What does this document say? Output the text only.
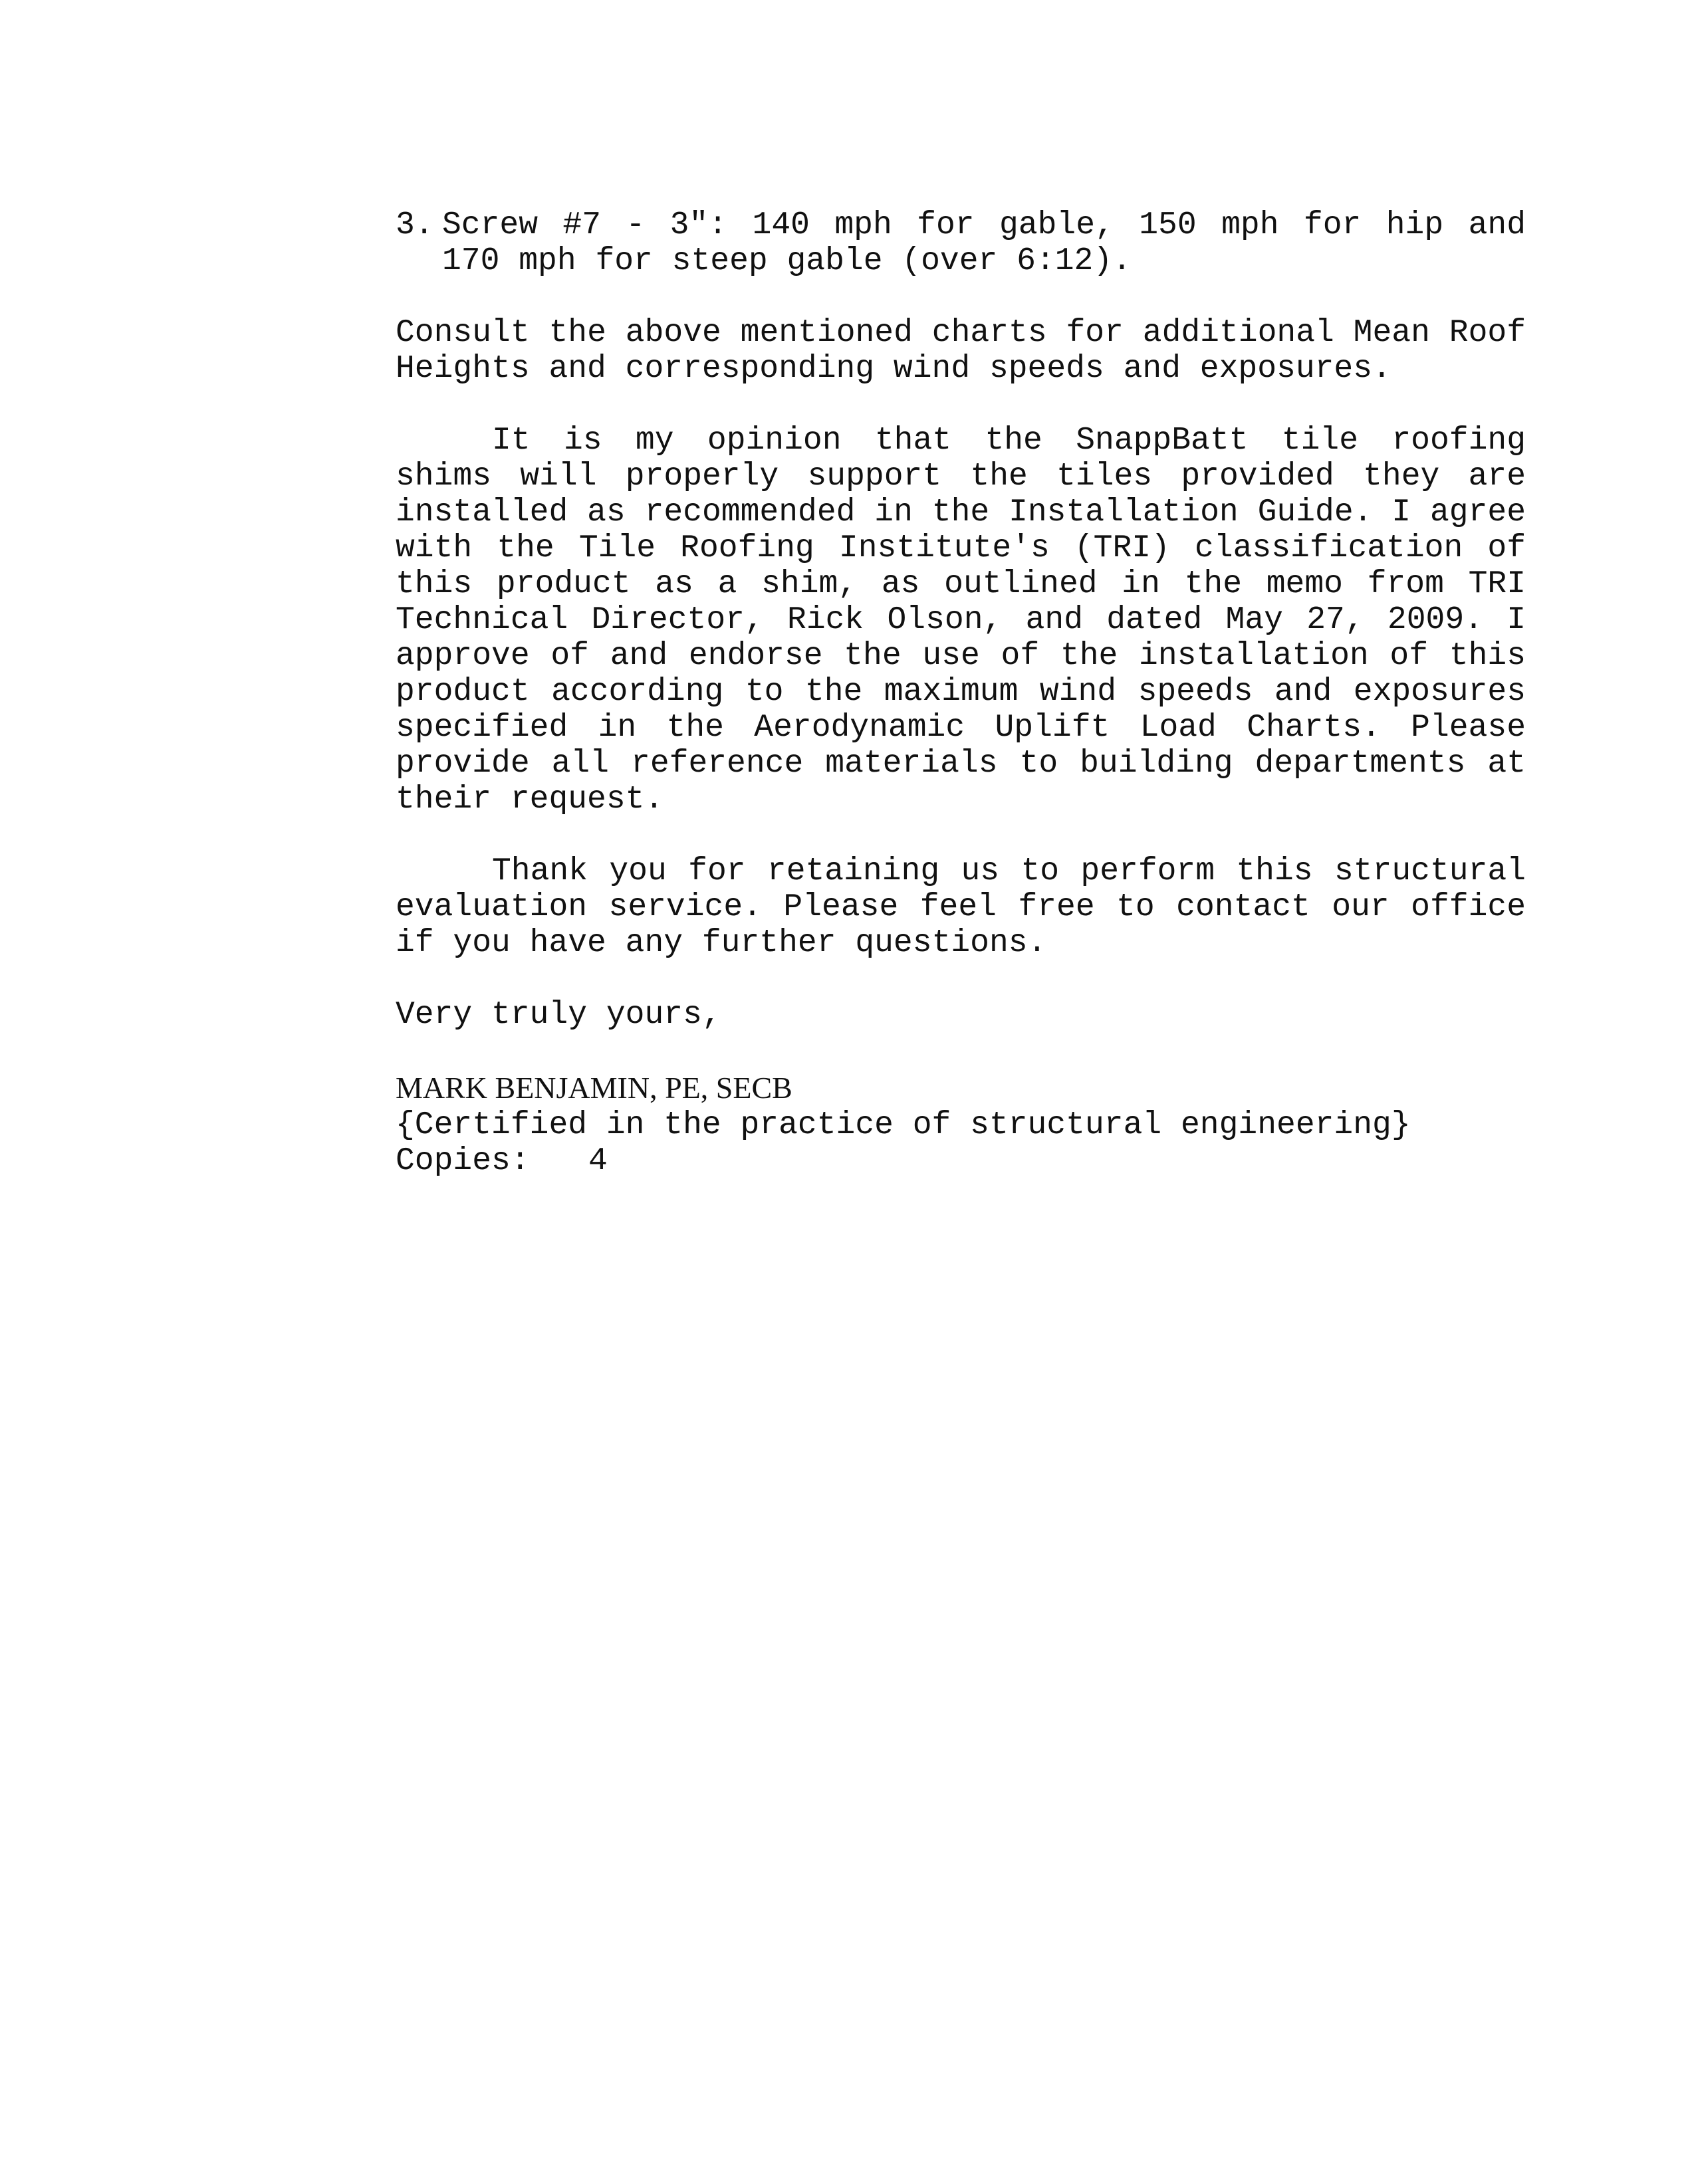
3. Screw #7 - 3": 140 mph for gable, 150 mph for hip and 170 mph for steep gable (over 6:12).

Consult the above mentioned charts for additional Mean Roof Heights and corresponding wind speeds and exposures.

It is my opinion that the SnappBatt tile roofing shims will properly support the tiles provided they are installed as recommended in the Installation Guide. I agree with the Tile Roofing Institute's (TRI) classification of this product as a shim, as outlined in the memo from TRI Technical Director, Rick Olson, and dated May 27, 2009. I approve of and endorse the use of the installation of this product according to the maximum wind speeds and exposures specified in the Aerodynamic Uplift Load Charts. Please provide all reference materials to building departments at their request.

Thank you for retaining us to perform this structural evaluation service. Please feel free to contact our office if you have any further questions.

Very truly yours,

MARK BENJAMIN, PE, SECB

{Certified in the practice of structural engineering}

Copies:	4
